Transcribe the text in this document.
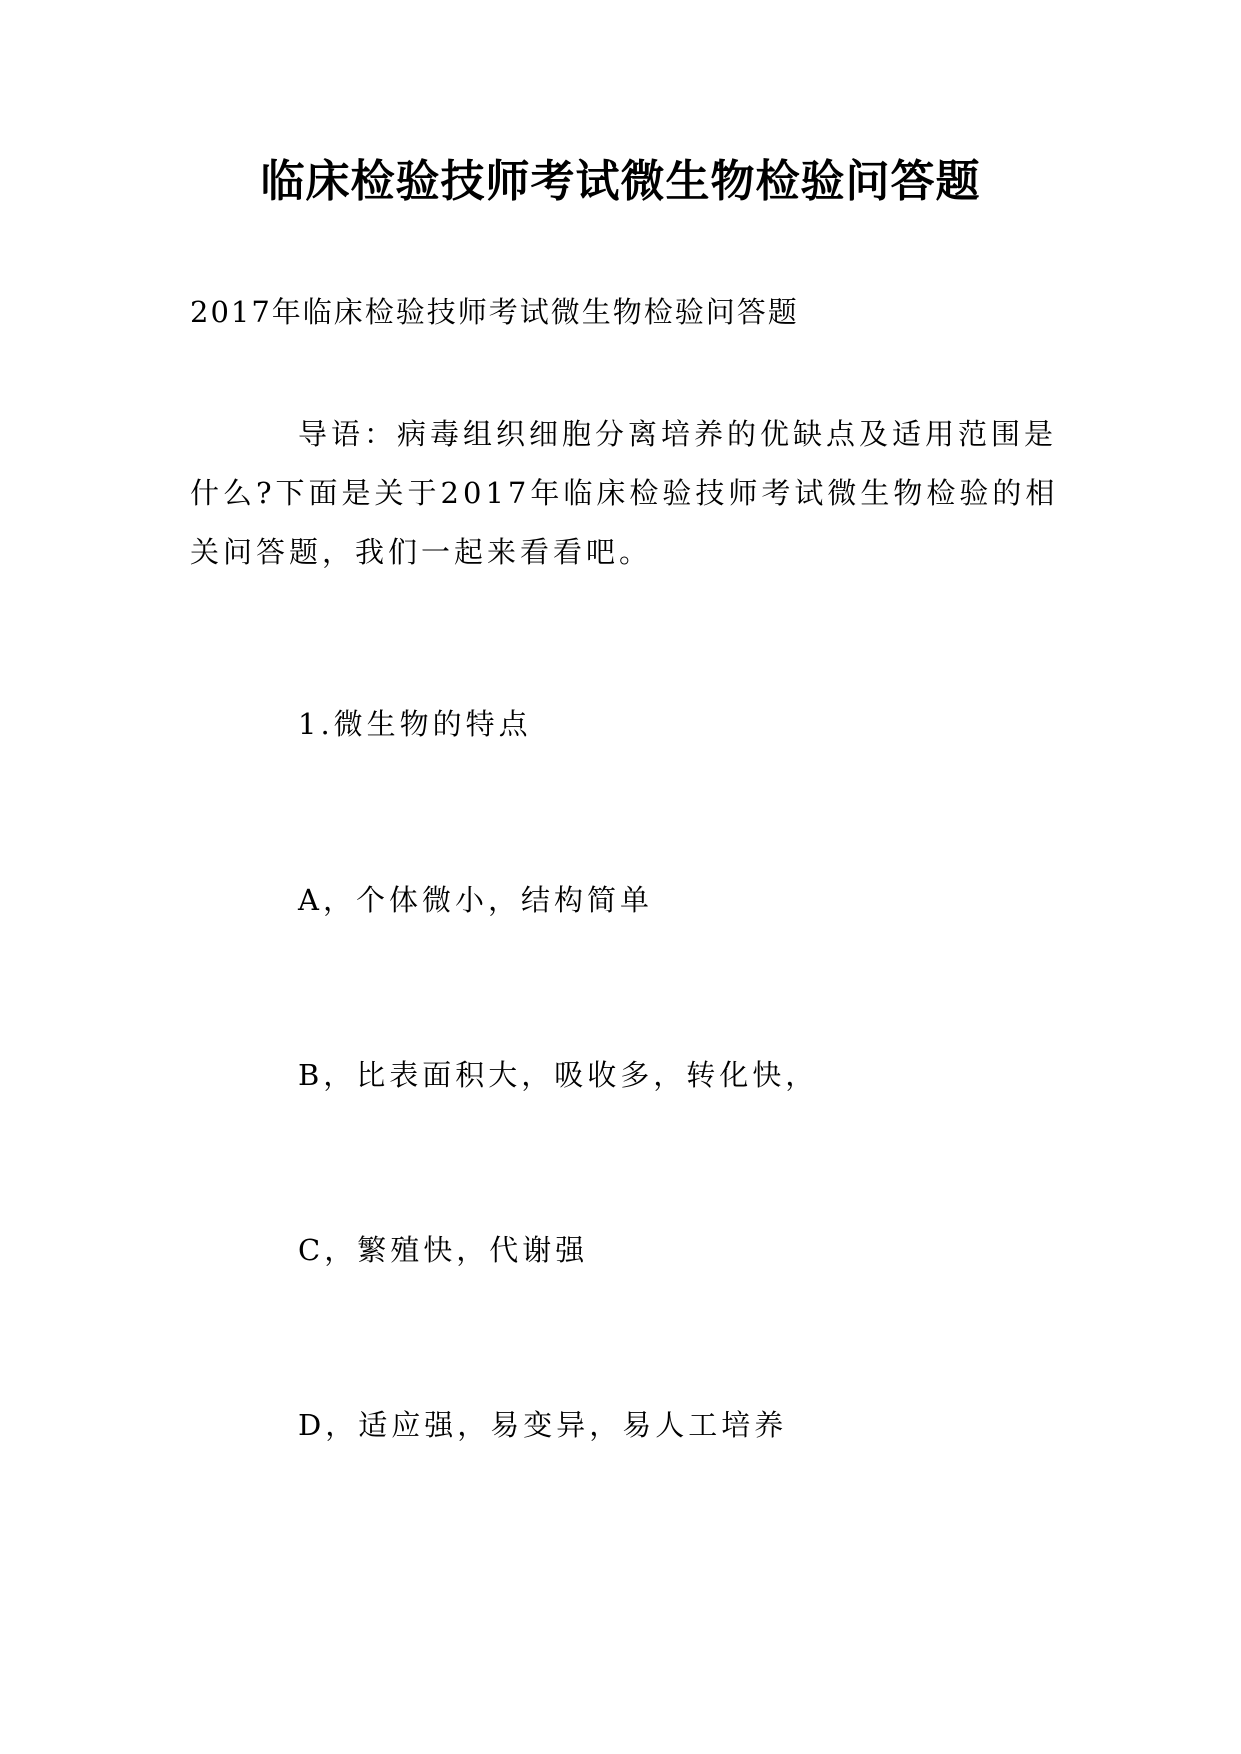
临床检验技师考试微生物检验问答题
2017年临床检验技师考试微生物检验问答题
导语：病毒组织细胞分离培养的优缺点及适用范围是什么?下面是关于2017年临床检验技师考试微生物检验的相关问答题，我们一起来看看吧。
1.微生物的特点
A，个体微小，结构简单
B，比表面积大，吸收多，转化快，
C，繁殖快，代谢强
D，适应强，易变异，易人工培养
